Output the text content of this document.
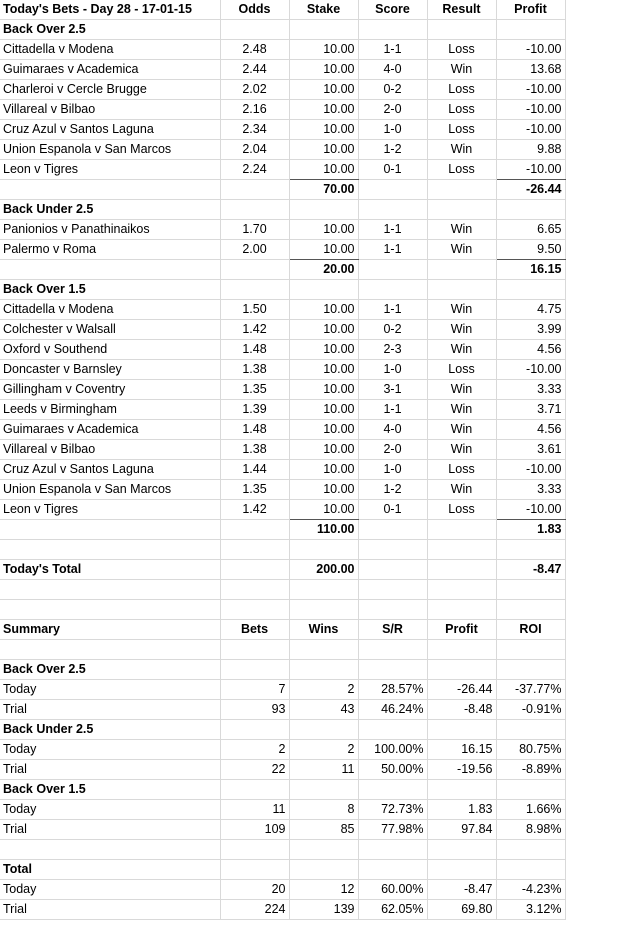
Today's Bets - Day 28 - 17-01-15	Odds	Stake	Score	Result	Profit
Back Over 2.5					
Cittadella v Modena	2.48	10.00	1-1	Loss	-10.00
Guimaraes v Academica	2.44	10.00	4-0	Win	13.68
Charleroi v Cercle Brugge	2.02	10.00	0-2	Loss	-10.00
Villareal v Bilbao	2.16	10.00	2-0	Loss	-10.00
Cruz Azul v Santos Laguna	2.34	10.00	1-0	Loss	-10.00
Union Espanola v San Marcos	2.04	10.00	1-2	Win	9.88
Leon v Tigres	2.24	10.00	0-1	Loss	-10.00
		70.00			-26.44
Back Under 2.5					
Panionios v Panathinaikos	1.70	10.00	1-1	Win	6.65
Palermo v Roma	2.00	10.00	1-1	Win	9.50
		20.00			16.15
Back Over 1.5					
Cittadella v Modena	1.50	10.00	1-1	Win	4.75
Colchester v Walsall	1.42	10.00	0-2	Win	3.99
Oxford v Southend	1.48	10.00	2-3	Win	4.56
Doncaster v Barnsley	1.38	10.00	1-0	Loss	-10.00
Gillingham v Coventry	1.35	10.00	3-1	Win	3.33
Leeds v Birmingham	1.39	10.00	1-1	Win	3.71
Guimaraes v Academica	1.48	10.00	4-0	Win	4.56
Villareal v Bilbao	1.38	10.00	2-0	Win	3.61
Cruz Azul v Santos Laguna	1.44	10.00	1-0	Loss	-10.00
Union Espanola v San Marcos	1.35	10.00	1-2	Win	3.33
Leon v Tigres	1.42	10.00	0-1	Loss	-10.00
		110.00			1.83

Today's Total		200.00			-8.47

Summary	Bets	Wins	S/R	Profit	ROI

Back Over 2.5					
Today	7	2	28.57%	-26.44	-37.77%
Trial	93	43	46.24%	-8.48	-0.91%
Back Under 2.5					
Today	2	2	100.00%	16.15	80.75%
Trial	22	11	50.00%	-19.56	-8.89%
Back Over 1.5					
Today	11	8	72.73%	1.83	1.66%
Trial	109	85	77.98%	97.84	8.98%

Total					
Today	20	12	60.00%	-8.47	-4.23%
Trial	224	139	62.05%	69.80	3.12%
